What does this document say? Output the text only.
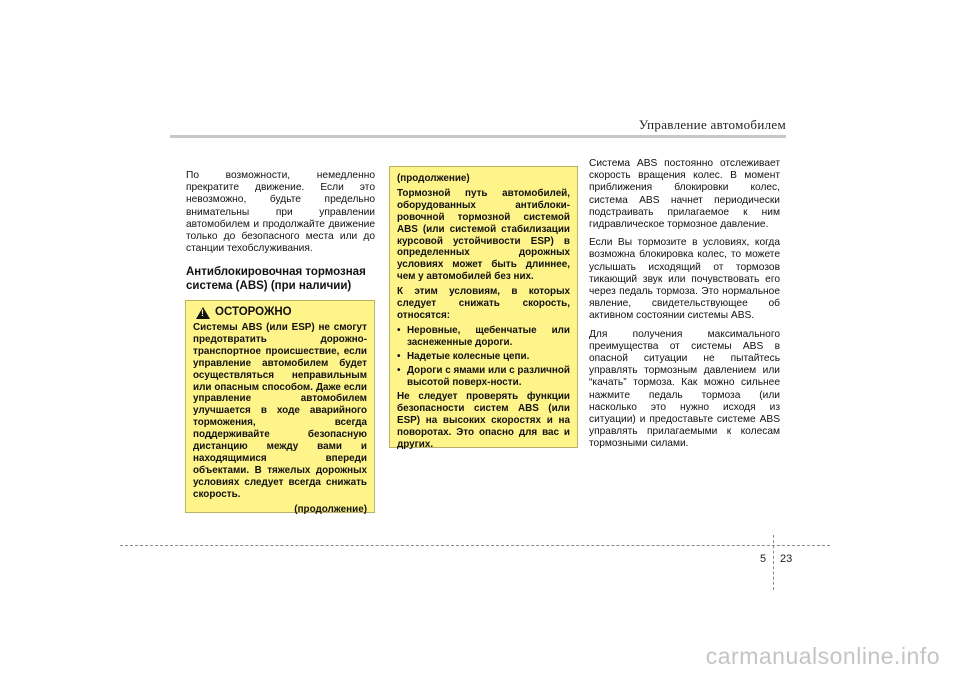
Управление автомобилем

По возможности, немедленно прекратите движение. Если это невозможно, будьте предельно внимательны при управлении автомобилем и продолжайте движение только до безопасного места или до станции техобслуживания.

Антиблокировочная тормозная система (ABS) (при наличии)
! ОСТОРОЖНО
Системы ABS (или ESP) не смогут предотвратить дорожно-транспортное происшествие, если управление автомобилем будет осуществляться неправильным или опасным способом. Даже если управление автомобилем улучшается в ходе аварийного торможения, всегда поддерживайте безопасную дистанцию между вами и находящимися впереди объектами. В тяжелых дорожных условиях следует всегда снижать скорость.
(продолжение)

(продолжение)

Тормозной путь автомобилей, оборудованных антиблоки-ровочной тормозной системой ABS (или системой стабилизации курсовой устойчивости ESP) в определенных дорожных условиях может быть длиннее, чем у автомобилей без них.

К этим условиям, в которых следует снижать скорость, относятся:

• Неровные, щебенчатые или заснеженные дороги.
• Надетые колесные цепи.
• Дороги с ямами или с различной высотой поверх-ности.

Не следует проверять функции безопасности систем ABS (или ESP) на высоких скоростях и на поворотах. Это опасно для вас и других.

Система ABS постоянно отслеживает скорость вращения колес. В момент приближения блокировки колес, система ABS начнет периодически подстраивать прилагаемое к ним гидравлическое тормозное давление.

Если Вы тормозите в условиях, когда возможна блокировка колес, то можете услышать исходящий от тормозов тикающий звук или почувствовать его через педаль тормоза. Это нормальное явление, свидетельствующее об активном состоянии системы ABS.

Для получения максимального преимущества от системы ABS в опасной ситуации не пытайтесь управлять тормозным давлением или “качать” тормоза. Как можно сильнее нажмите педаль тормоза (или насколько это нужно исходя из ситуации) и предоставьте системе ABS управлять прилагаемыми к колесам тормозными силами.

5 23
carmanualsonline.info
